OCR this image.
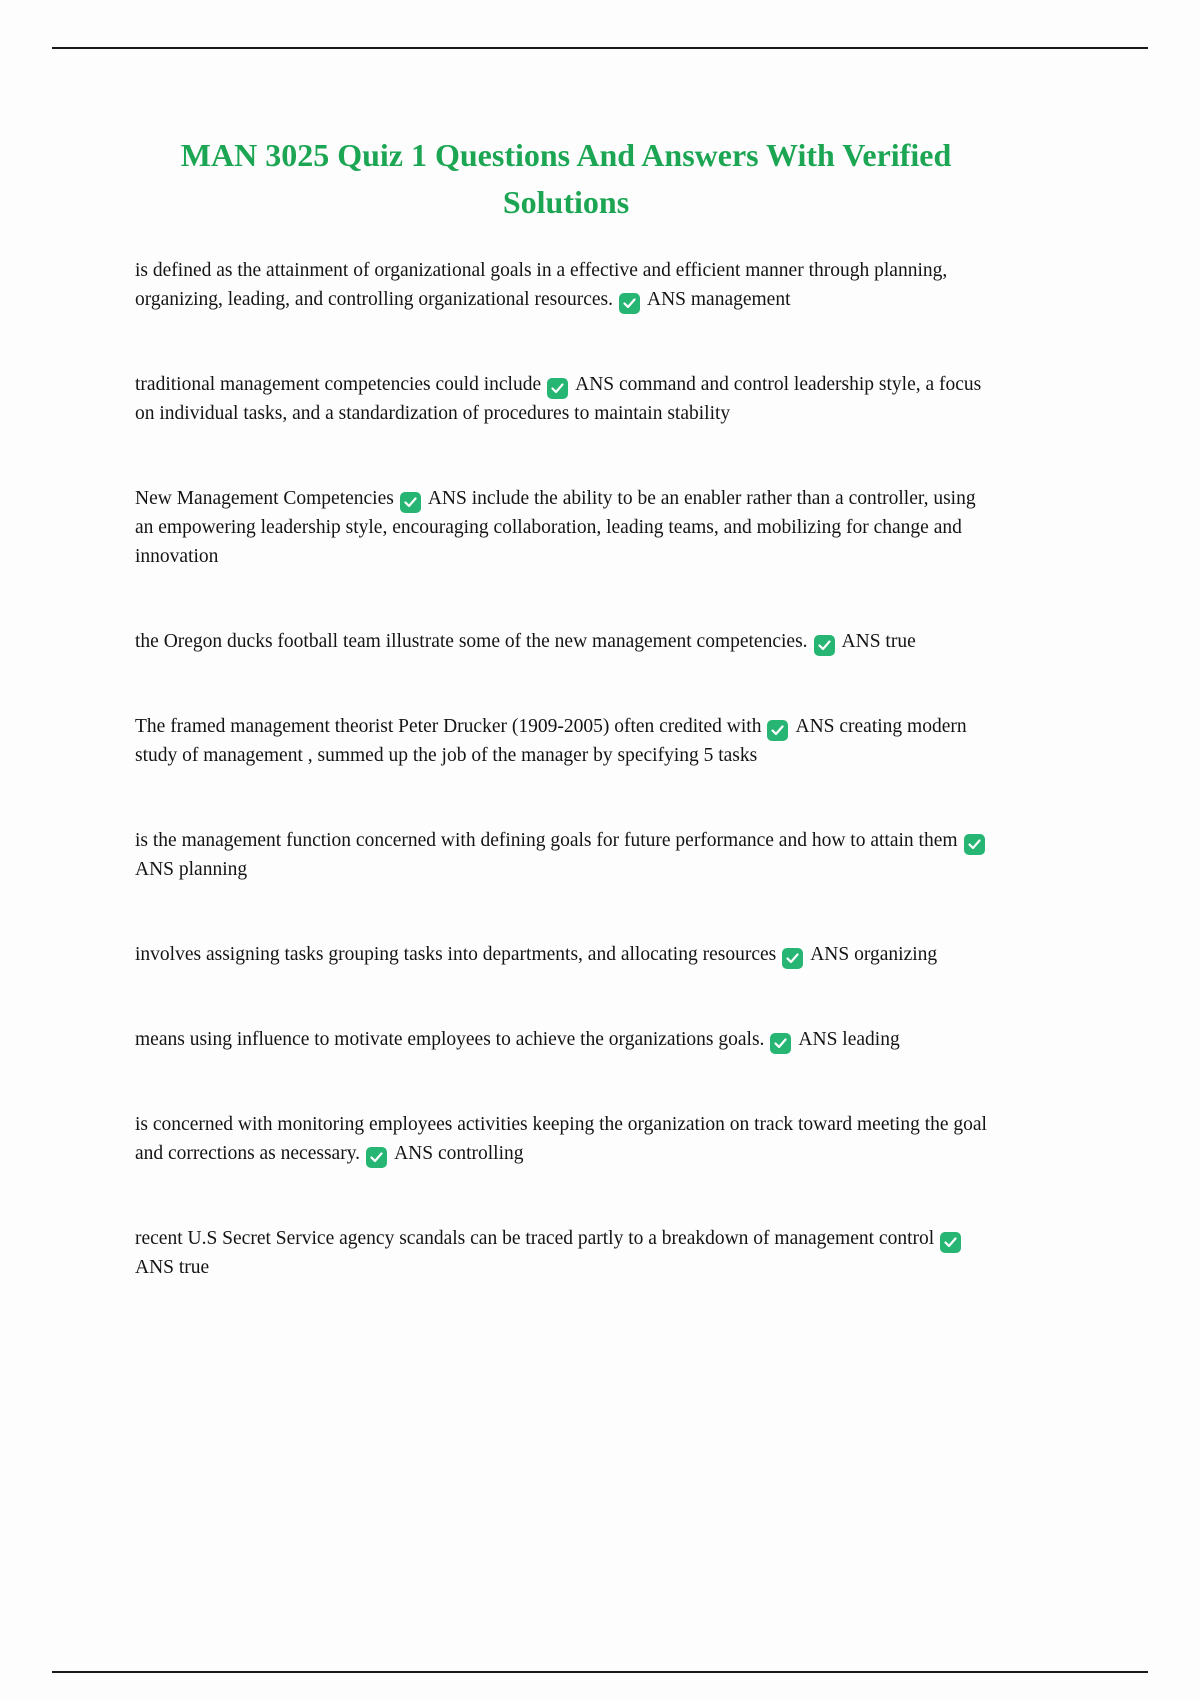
MAN 3025 Quiz 1 Questions And Answers With Verified Solutions

is defined as the attainment of organizational goals in a effective and efficient manner through planning, organizing, leading, and controlling organizational resources. ANS management

traditional management competencies could include ANS command and control leadership style, a focus on individual tasks, and a standardization of procedures to maintain stability

New Management Competencies ANS include the ability to be an enabler rather than a controller, using an empowering leadership style, encouraging collaboration, leading teams, and mobilizing for change and innovation

the Oregon ducks football team illustrate some of the new management competencies. ANS true

The framed management theorist Peter Drucker (1909-2005) often credited with ANS creating modern study of management , summed up the job of the manager by specifying 5 tasks

is the management function concerned with defining goals for future performance and how to attain them
ANS planning

involves assigning tasks grouping tasks into departments, and allocating resources ANS organizing

means using influence to motivate employees to achieve the organizations goals. ANS leading

is concerned with monitoring employees activities keeping the organization on track toward meeting the goal and corrections as necessary. ANS controlling

recent U.S Secret Service agency scandals can be traced partly to a breakdown of management control
ANS true
